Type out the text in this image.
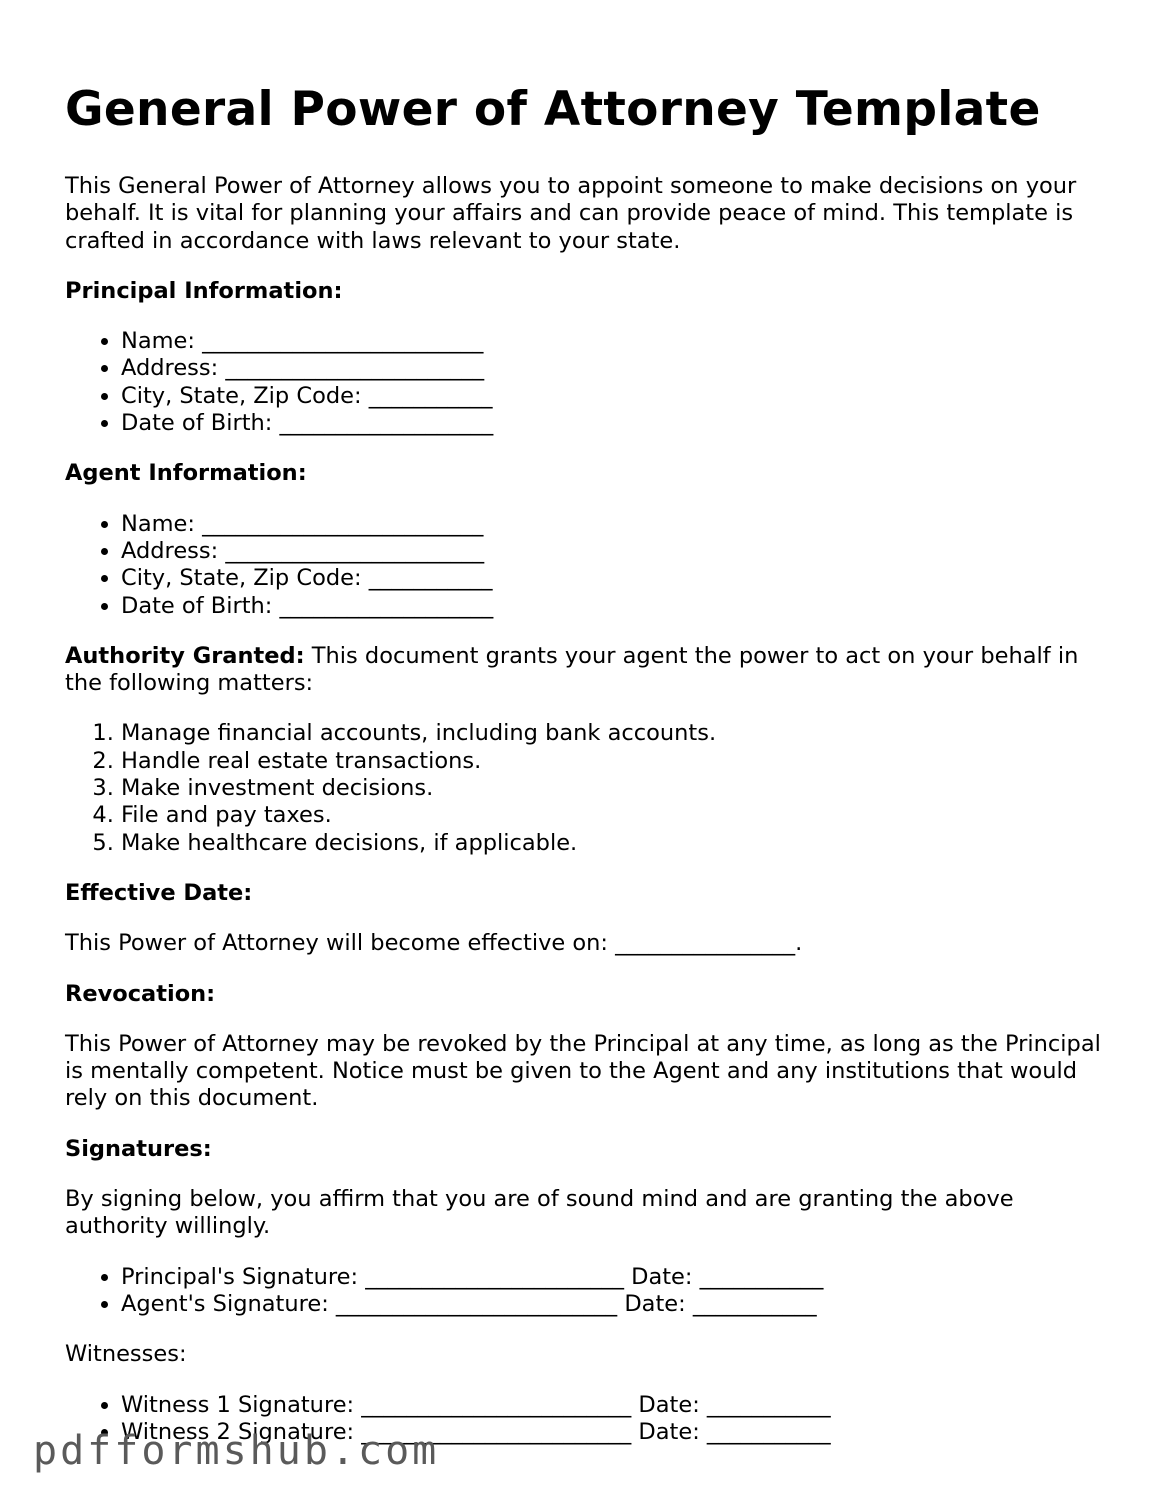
General Power of Attorney Template

This General Power of Attorney allows you to appoint someone to make decisions on your behalf. It is vital for planning your affairs and can provide peace of mind. This template is crafted in accordance with laws relevant to your state.

Principal Information:

• Name: _________________________
• Address: _______________________
• City, State, Zip Code: ___________
• Date of Birth: ___________________

Agent Information:

• Name: _________________________
• Address: _______________________
• City, State, Zip Code: ___________
• Date of Birth: ___________________

Authority Granted: This document grants your agent the power to act on your behalf in the following matters:

1. Manage financial accounts, including bank accounts.
2. Handle real estate transactions.
3. Make investment decisions.
4. File and pay taxes.
5. Make healthcare decisions, if applicable.

Effective Date:

This Power of Attorney will become effective on: ________________.

Revocation:

This Power of Attorney may be revoked by the Principal at any time, as long as the Principal is mentally competent. Notice must be given to the Agent and any institutions that would rely on this document.

Signatures:

By signing below, you affirm that you are of sound mind and are granting the above authority willingly.

• Principal's Signature: _______________________ Date: ___________
• Agent's Signature: _________________________ Date: ___________

Witnesses:

• Witness 1 Signature: ________________________ Date: ___________
• Witness 2 Signature: ________________________ Date: ___________
pdfformshub.com
